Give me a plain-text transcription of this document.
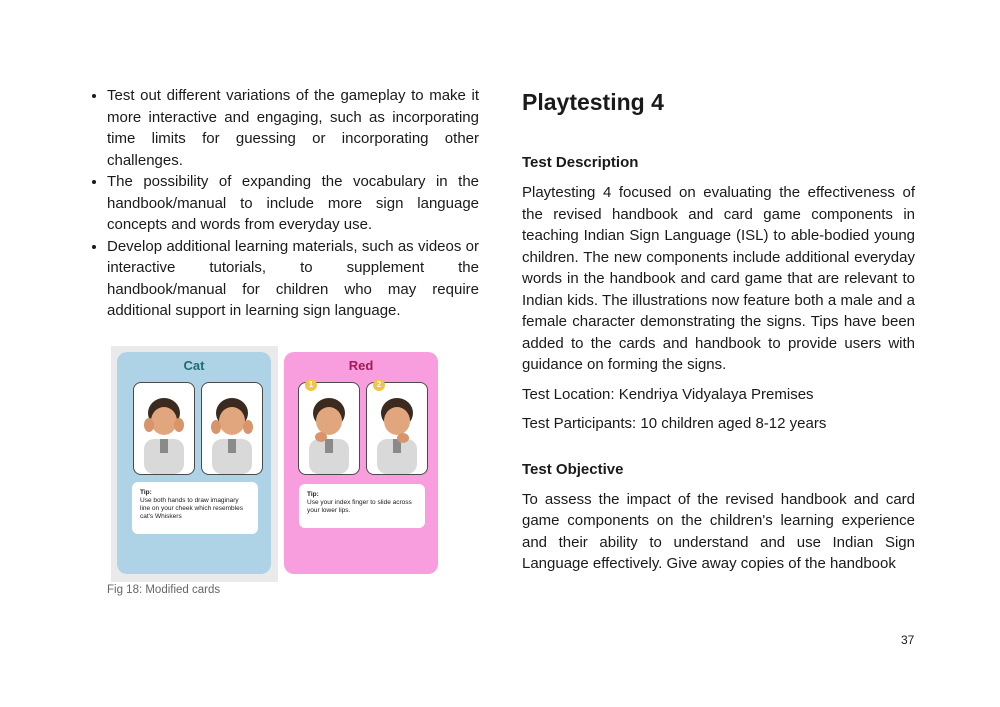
• Test out different variations of the gameplay to make it more interactive and engaging, such as incorporating time limits for guessing or incorporating other challenges.
• The possibility of expanding the vocabulary in the handbook/manual to include more sign language concepts and words from everyday use.
• Develop additional learning materials, such as videos or interactive tutorials, to supplement the handbook/manual for children who may require additional support in learning sign language.
Cat
Tip:
Use both hands to draw imaginary line on your cheek which resembles cat's Whiskers
Red
1	2
Tip:
Use your index finger to slide across your lower lips.
Fig 18: Modified cards
Playtesting 4
Test Description

Playtesting 4 focused on evaluating the effectiveness of the revised handbook and card game components in teaching Indian Sign Language (ISL) to able-bodied young children. The new components include additional everyday words in the handbook and card game that are relevant to Indian kids. The illustrations now feature both a male and a female character demonstrating the signs. Tips have been added to the cards and handbook to provide users with guidance on forming the signs.

Test Location: Kendriya Vidyalaya Premises

Test Participants: 10 children aged 8-12 years

Test Objective

To assess the impact of the revised handbook and card game components on the children's learning experience and their ability to understand and use Indian Sign Language effectively. Give away copies of the handbook

37
